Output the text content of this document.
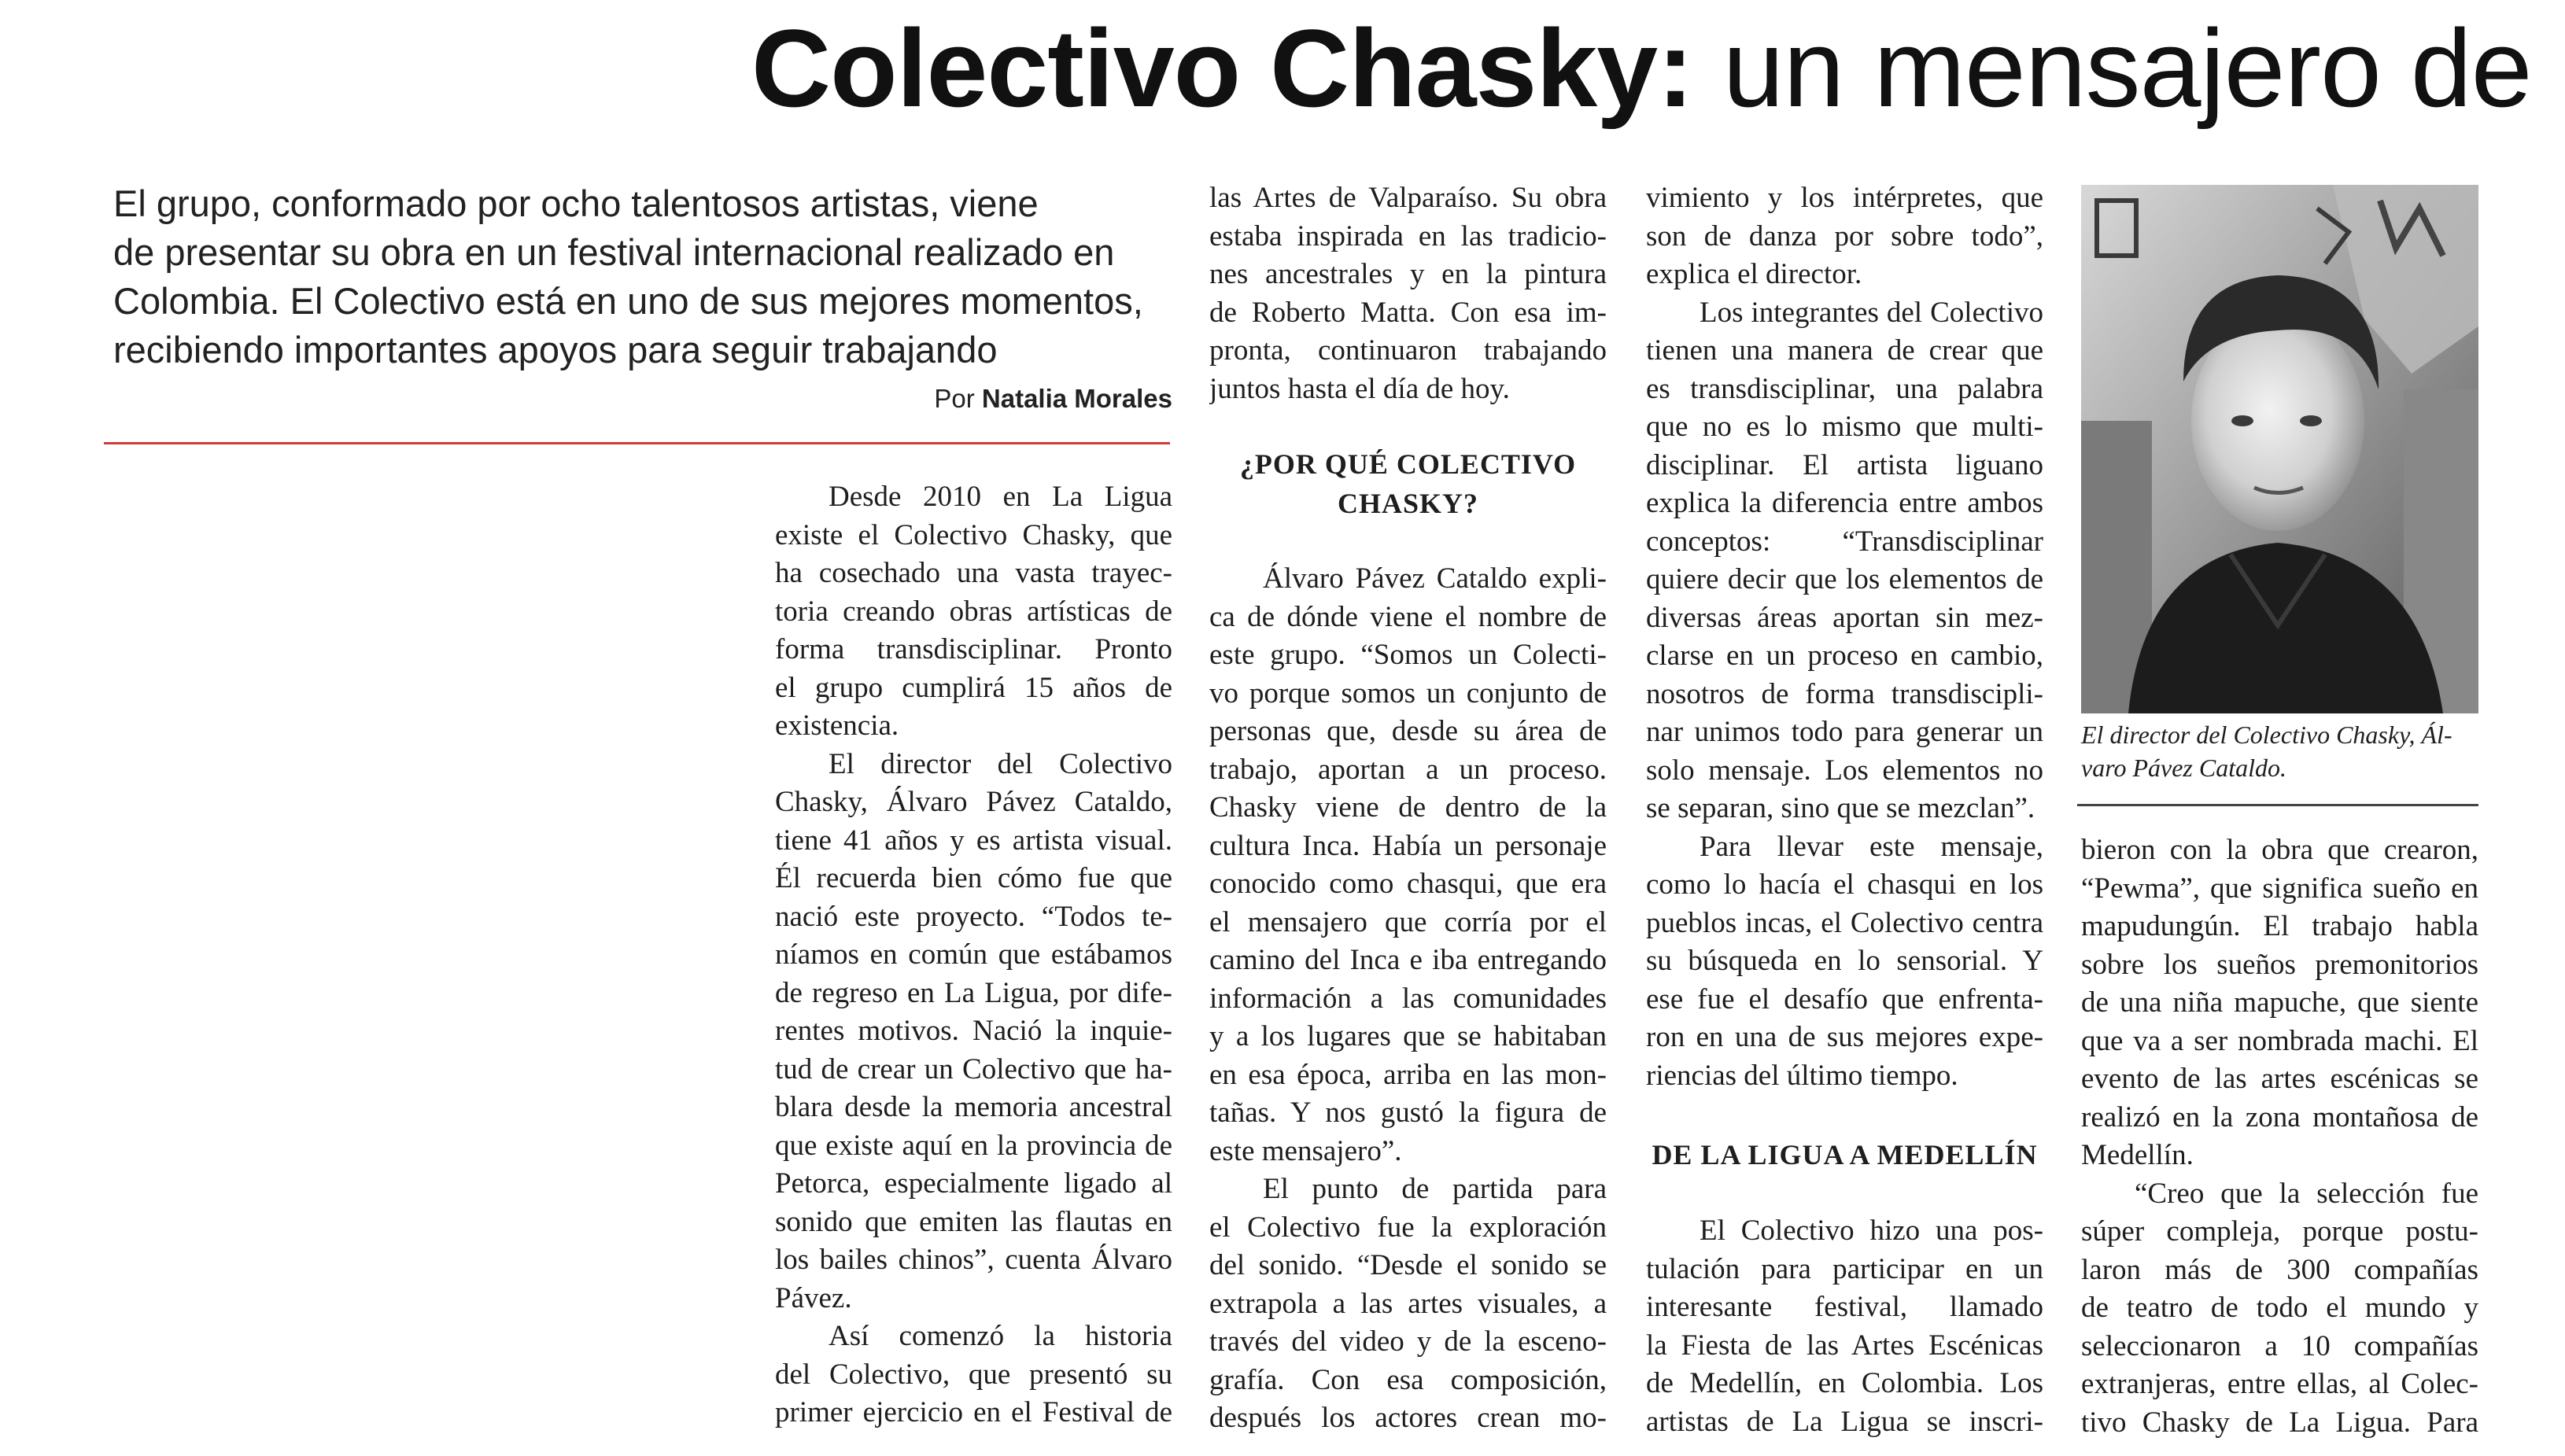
Colectivo Chasky: un mensajero de

El grupo, conformado por ocho talentosos artistas, viene

de presentar su obra en un festival internacional realizado en

Colombia. El Colectivo está en uno de sus mejores momentos,

recibiendo importantes apoyos para seguir trabajando

Por Natalia Morales

Desde 2010 en La Ligua

existe el Colectivo Chasky, que

ha cosechado una vasta trayec-

toria creando obras artísticas de

forma transdisciplinar. Pronto

el grupo cumplirá 15 años de

existencia.

El director del Colectivo

Chasky, Álvaro Pávez Cataldo,

tiene 41 años y es artista visual.

Él recuerda bien cómo fue que

nació este proyecto. “Todos te-

níamos en común que estábamos

de regreso en La Ligua, por dife-

rentes motivos. Nació la inquie-

tud de crear un Colectivo que ha-

blara desde la memoria ancestral

que existe aquí en la provincia de

Petorca, especialmente ligado al

sonido que emiten las flautas en

los bailes chinos”, cuenta Álvaro

Pávez.

Así comenzó la historia

del Colectivo, que presentó su

primer ejercicio en el Festival de

las Artes de Valparaíso. Su obra

estaba inspirada en las tradicio-

nes ancestrales y en la pintura

de Roberto Matta. Con esa im-

pronta, continuaron trabajando

juntos hasta el día de hoy.

¿POR QUÉ COLECTIVO
CHASKY?

Álvaro Pávez Cataldo expli-

ca de dónde viene el nombre de

este grupo. “Somos un Colecti-

vo porque somos un conjunto de

personas que, desde su área de

trabajo, aportan a un proceso.

Chasky viene de dentro de la

cultura Inca. Había un personaje

conocido como chasqui, que era

el mensajero que corría por el

camino del Inca e iba entregando

información a las comunidades

y a los lugares que se habitaban

en esa época, arriba en las mon-

tañas. Y nos gustó la figura de

este mensajero”.

El punto de partida para

el Colectivo fue la exploración

del sonido. “Desde el sonido se

extrapola a las artes visuales, a

través del video y de la escenо-

grafía. Con esa composición,

después los actores crean mo-

vimiento y los intérpretes, que

son de danza por sobre todo”,

explica el director.

Los integrantes del Colectivo

tienen una manera de crear que

es transdisciplinar, una palabra

que no es lo mismo que multi-

disciplinar. El artista liguano

explica la diferencia entre ambos

conceptos: “Transdisciplinar

quiere decir que los elementos de

diversas áreas aportan sin mez-

clarse en un proceso en cambio,

nosotros de forma transdiscipli-

nar unimos todo para generar un

solo mensaje. Los elementos no

se separan, sino que se mezclan”.

Para llevar este mensaje,

como lo hacía el chasqui en los

pueblos incas, el Colectivo centra

su búsqueda en lo sensorial. Y

ese fue el desafío que enfrenta-

ron en una de sus mejores expe-

riencias del último tiempo.

DE LA LIGUA A MEDELLÍN

El Colectivo hizo una pos-

tulación para participar en un

interesante festival, llamado

la Fiesta de las Artes Escénicas

de Medellín, en Colombia. Los

artistas de La Ligua se inscri-

El director del Colectivo Chasky, Ál-

varo Pávez Cataldo.

bieron con la obra que crearon,

“Pewma”, que significa sueño en

mapudungún. El trabajo habla

sobre los sueños premonitorios

de una niña mapuche, que siente

que va a ser nombrada machi. El

evento de las artes escénicas se

realizó en la zona montañosa de

Medellín.

“Creo que la selección fue

súper compleja, porque postu-

laron más de 300 compañías

de teatro de todo el mundo y

seleccionaron a 10 compañías

extranjeras, entre ellas, al Colec-

tivo Chasky de La Ligua. Para
